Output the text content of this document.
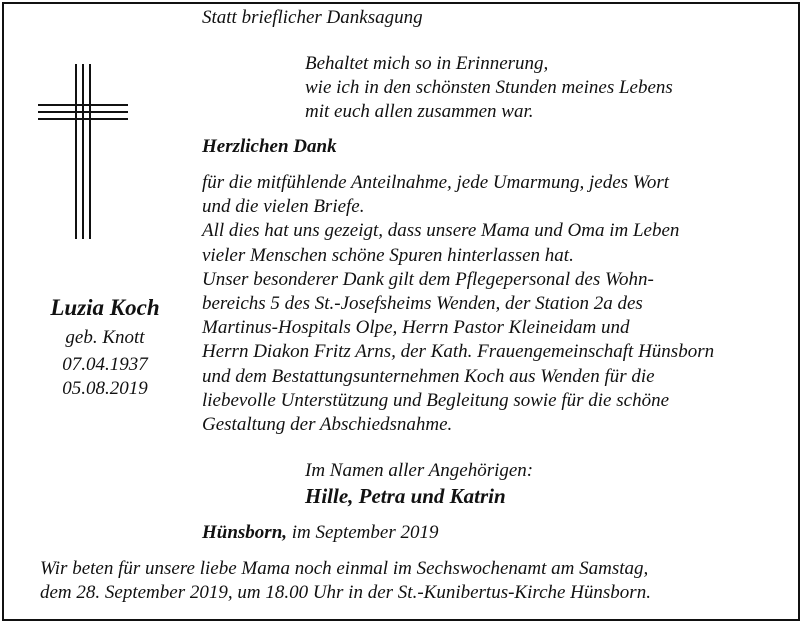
Statt brieflicher Danksagung
Behaltet mich so in Erinnerung,
wie ich in den schönsten Stunden meines Lebens
mit euch allen zusammen war.
Luzia Koch
geb. Knott
07.04.1937
05.08.2019
Herzlichen Dank
für die mitfühlende Anteilnahme, jede Umarmung, jedes Wort
und die vielen Briefe.
All dies hat uns gezeigt, dass unsere Mama und Oma im Leben
vieler Menschen schöne Spuren hinterlassen hat.
Unser besonderer Dank gilt dem Pflegepersonal des Wohn-
bereichs 5 des St.-Josefsheims Wenden, der Station 2a des
Martinus-Hospitals Olpe, Herrn Pastor Kleineidam und
Herrn Diakon Fritz Arns, der Kath. Frauengemeinschaft Hünsborn
und dem Bestattungsunternehmen Koch aus Wenden für die
liebevolle Unterstützung und Begleitung sowie für die schöne
Gestaltung der Abschiedsnahme.
Im Namen aller Angehörigen:
Hille, Petra und Katrin
Hünsborn, im September 2019
Wir beten für unsere liebe Mama noch einmal im Sechswochenamt am Samstag,
dem 28. September 2019, um 18.00 Uhr in der St.-Kunibertus-Kirche Hünsborn.
